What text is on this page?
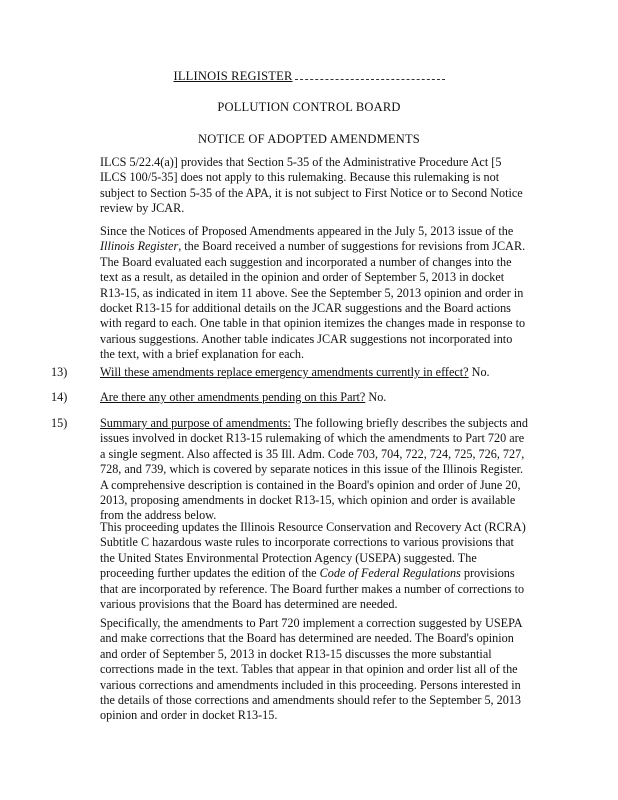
ILLINOIS REGISTER
POLLUTION CONTROL BOARD
NOTICE OF ADOPTED AMENDMENTS

ILCS 5/22.4(a)] provides that Section 5-35 of the Administrative Procedure Act [5 ILCS 100/5-35] does not apply to this rulemaking. Because this rulemaking is not subject to Section 5-35 of the APA, it is not subject to First Notice or to Second Notice review by JCAR.

Since the Notices of Proposed Amendments appeared in the July 5, 2013 issue of the Illinois Register, the Board received a number of suggestions for revisions from JCAR. The Board evaluated each suggestion and incorporated a number of changes into the text as a result, as detailed in the opinion and order of September 5, 2013 in docket R13-15, as indicated in item 11 above. See the September 5, 2013 opinion and order in docket R13-15 for additional details on the JCAR suggestions and the Board actions with regard to each. One table in that opinion itemizes the changes made in response to various suggestions. Another table indicates JCAR suggestions not incorporated into the text, with a brief explanation for each.

13)	Will these amendments replace emergency amendments currently in effect? No.
14)	Are there any other amendments pending on this Part? No.
15)	Summary and purpose of amendments: The following briefly describes the subjects and issues involved in docket R13-15 rulemaking of which the amendments to Part 720 are a single segment. Also affected is 35 Ill. Adm. Code 703, 704, 722, 724, 725, 726, 727, 728, and 739, which is covered by separate notices in this issue of the Illinois Register. A comprehensive description is contained in the Board's opinion and order of June 20, 2013, proposing amendments in docket R13-15, which opinion and order is available from the address below.

This proceeding updates the Illinois Resource Conservation and Recovery Act (RCRA) Subtitle C hazardous waste rules to incorporate corrections to various provisions that the United States Environmental Protection Agency (USEPA) suggested. The proceeding further updates the edition of the Code of Federal Regulations provisions that are incorporated by reference. The Board further makes a number of corrections to various provisions that the Board has determined are needed.

Specifically, the amendments to Part 720 implement a correction suggested by USEPA and make corrections that the Board has determined are needed. The Board's opinion and order of September 5, 2013 in docket R13-15 discusses the more substantial corrections made in the text. Tables that appear in that opinion and order list all of the various corrections and amendments included in this proceeding. Persons interested in the details of those corrections and amendments should refer to the September 5, 2013 opinion and order in docket R13-15.
